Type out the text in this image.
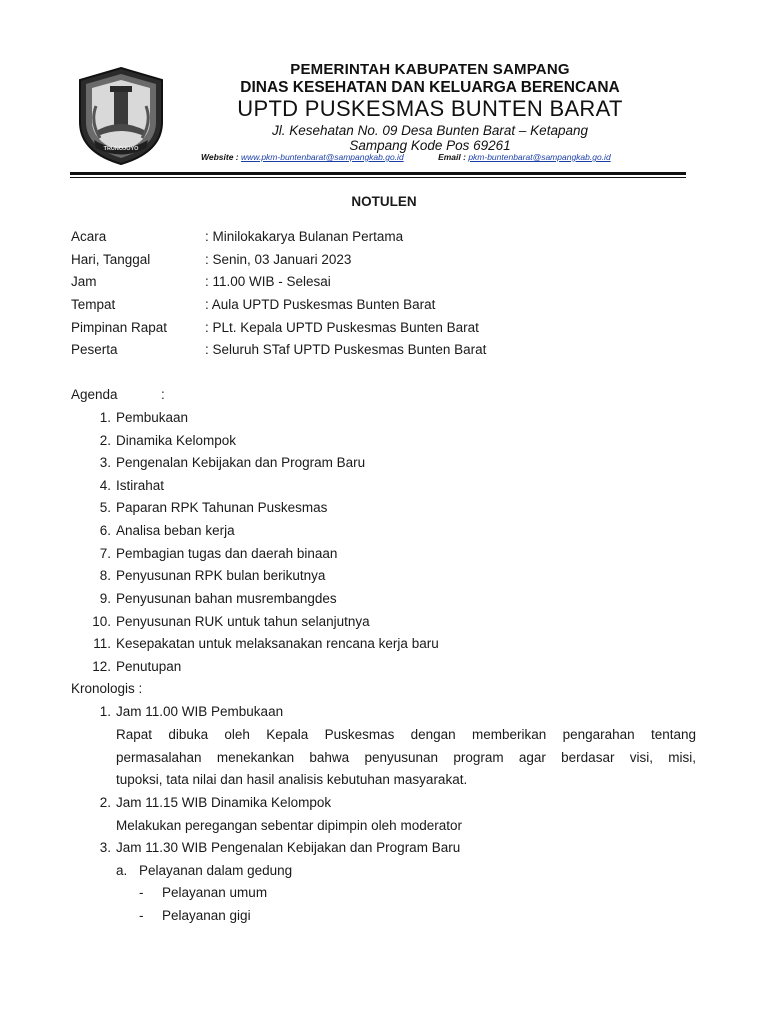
TRUNOJOYO
PEMERINTAH KABUPATEN SAMPANG
DINAS KESEHATAN DAN KELUARGA BERENCANA
UPTD PUSKESMAS BUNTEN BARAT
Jl. Kesehatan No. 09 Desa Bunten Barat – Ketapang
Sampang Kode Pos 69261
Website : www.pkm-buntenbarat@sampangkab.go.id	Email : pkm-buntenbarat@sampangkab.go.id
NOTULEN
Acara	: Minilokakarya Bulanan Pertama
Hari, Tanggal	: Senin, 03 Januari 2023
Jam	: 11.00 WIB - Selesai
Tempat	: Aula UPTD Puskesmas Bunten Barat
Pimpinan Rapat	: PLt. Kepala UPTD Puskesmas Bunten Barat
Peserta	: Seluruh STaf UPTD Puskesmas Bunten Barat
Agenda	:
1. Pembukaan
2. Dinamika Kelompok
3. Pengenalan Kebijakan dan Program Baru
4. Istirahat
5. Paparan RPK Tahunan Puskesmas
6. Analisa beban kerja
7. Pembagian tugas dan daerah binaan
8. Penyusunan RPK bulan berikutnya
9. Penyusunan bahan musrembangdes
10. Penyusunan RUK untuk tahun selanjutnya
11. Kesepakatan untuk melaksanakan rencana kerja baru
12. Penutupan
Kronologis :
1. Jam 11.00 WIB Pembukaan
Rapat dibuka oleh Kepala Puskesmas dengan memberikan pengarahan tentang
permasalahan menekankan bahwa penyusunan program agar berdasar visi, misi,
tupoksi, tata nilai dan hasil analisis kebutuhan masyarakat.
2. Jam 11.15 WIB Dinamika Kelompok
Melakukan peregangan sebentar dipimpin oleh moderator
3. Jam 11.30 WIB Pengenalan Kebijakan dan Program Baru
a. Pelayanan dalam gedung
- Pelayanan umum
- Pelayanan gigi
